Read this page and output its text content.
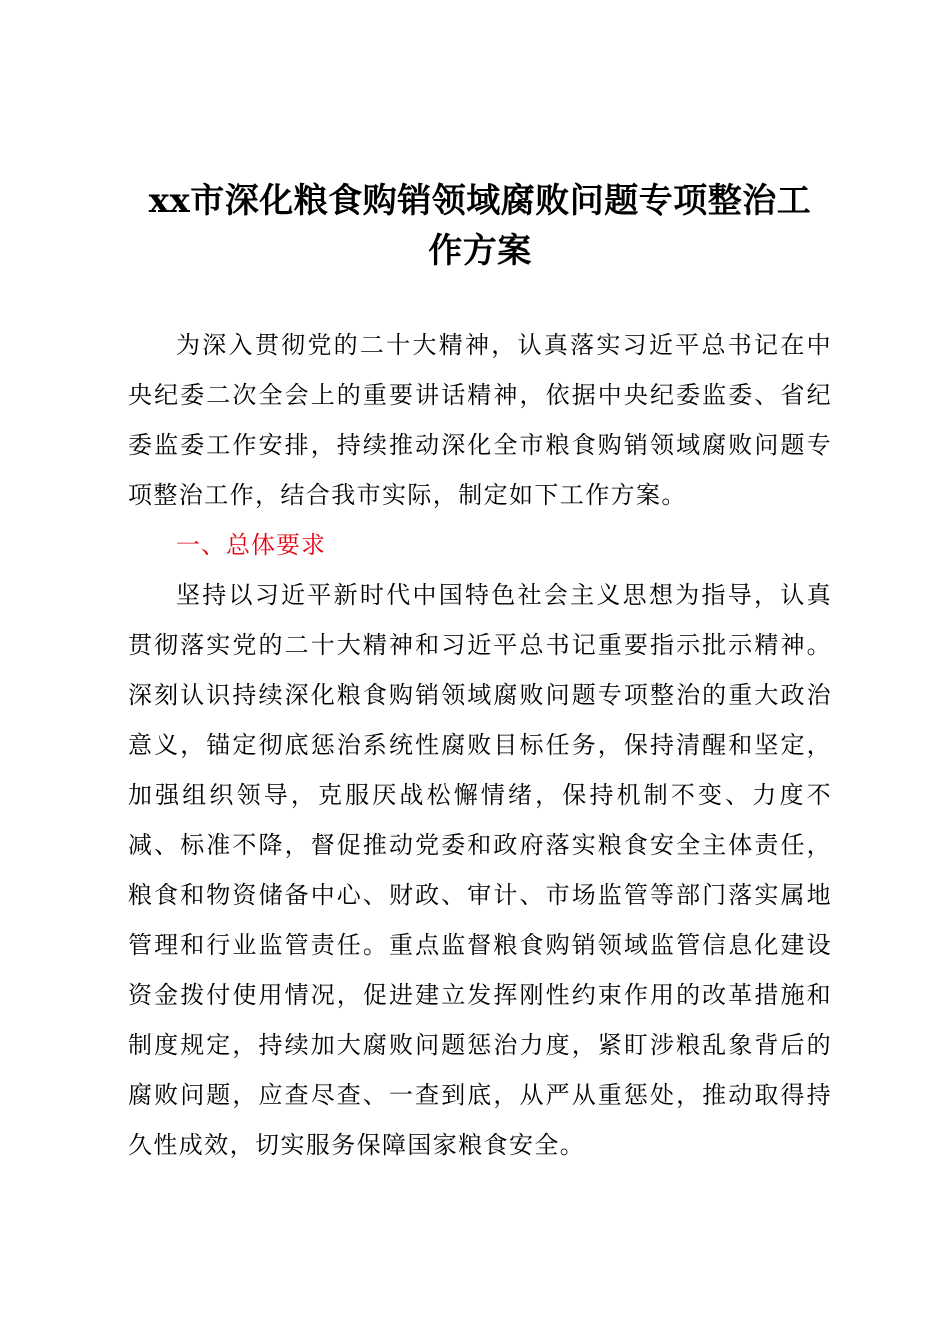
xx市深化粮食购销领域腐败问题专项整治工

作方案

为深入贯彻党的二十大精神，认真落实习近平总书记在中央纪委二次全会上的重要讲话精神，依据中央纪委监委、省纪委监委工作安排，持续推动深化全市粮食购销领域腐败问题专项整治工作，结合我市实际，制定如下工作方案。

一、总体要求

坚持以习近平新时代中国特色社会主义思想为指导，认真贯彻落实党的二十大精神和习近平总书记重要指示批示精神。深刻认识持续深化粮食购销领域腐败问题专项整治的重大政治意义，锚定彻底惩治系统性腐败目标任务，保持清醒和坚定，加强组织领导，克服厌战松懈情绪，保持机制不变、力度不减、标准不降，督促推动党委和政府落实粮食安全主体责任，粮食和物资储备中心、财政、审计、市场监管等部门落实属地管理和行业监管责任。重点监督粮食购销领域监管信息化建设资金拨付使用情况，促进建立发挥刚性约束作用的改革措施和制度规定，持续加大腐败问题惩治力度，紧盯涉粮乱象背后的腐败问题，应查尽查、一查到底，从严从重惩处，推动取得持久性成效，切实服务保障国家粮食安全。
